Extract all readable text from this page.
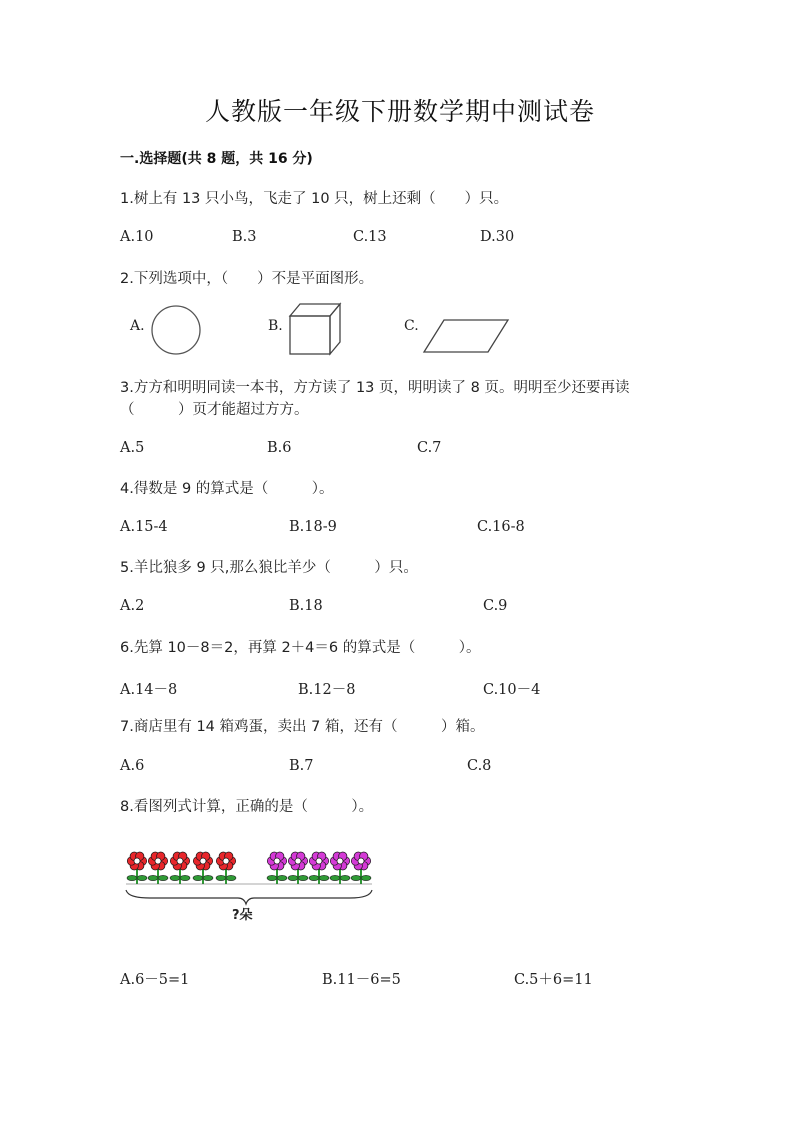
人教版一年级下册数学期中测试卷
一.选择题(共 8 题，共 16 分)
1.树上有 13 只小鸟，飞走了 10 只，树上还剩（　　）只。
A.10	B.3	C.13	D.30
2.下列选项中，（　　）不是平面图形。
A.	B.	C.
3.方方和明明同读一本书，方方读了 13 页，明明读了 8 页。明明至少还要再读
（　　　）页才能超过方方。
A.5	B.6	C.7
4.得数是 9 的算式是（　　　）。
A.15-4	B.18-9	C.16-8
5.羊比狼多 9 只,那么狼比羊少（　　　）只。
A.2	B.18	C.9
6.先算 10－8＝2，再算 2＋4＝6 的算式是（　　　）。
A.14－8	B.12－8	C.10－4
7.商店里有 14 箱鸡蛋，卖出 7 箱，还有（　　　）箱。
A.6	B.7	C.8
8.看图列式计算，正确的是（　　　）。
?朵
A.6－5=1	B.11－6=5	C.5＋6=11
